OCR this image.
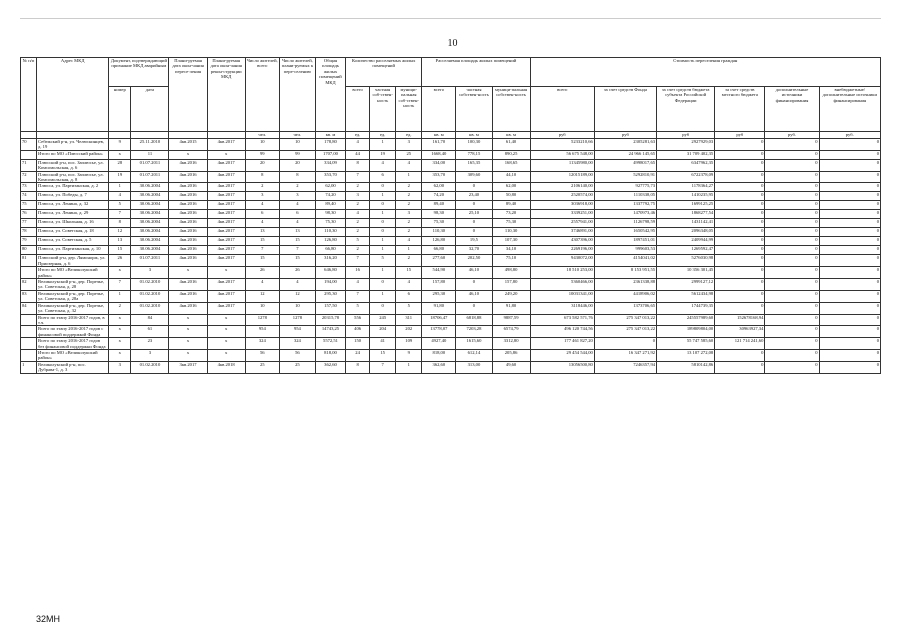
10
№ п/п	Адрес МКД	Документ, подтверждающий признание МКД аварийным		Плани-руемая дата окон-чания пересе-ления	Плани-руемая дата окон-чания рекон-струкции МКД	Число жителей, всего	Число жителей, плани-руемых к пере-селению	Общая площадь жилых помещений МКД	Количество расселяемых жилых помещений			Расселяемая площадь жилых помещений			Стоимость переселения граждан					
		номер	дата						всего	частная соб-ствен-ность	муници-пальная соб-ствен-ность	всего	частная собствен-ность	муници-пальная собствен-ность	всего	за счет средств Фонда	за счет средств бюджета субъекта Российской Федерации	за счет средств местного бюджета	дополнительные источники финансирования	внебюджетные/ дополнительные источники финансирования
						чел.	чел.	кв. м	ед.	ед.	ед.	кв. м	кв. м	кв. м	руб	руб	руб	руб	руб.	руб.
70	Себежский р-н, ул. Челюскинцев, д. 19	9	25.11.2010	4кв.2015	4кв.2017	10	10	178,80	4	1	3	161,70	100,30	61,40	5233210,66	2305281,63	2927929,03	0	0	0
	Итого по МО «Плюсский район»	х	11	х	х	99	99	1707,00	44	19	25	1668,40	778,15	890,25	56 675 548,00	24 966 145,65	31 709 402,35	0	0	0
71	Плюсский р-н, пос. Заплюсье, ул. Комсомольская, д. 6	28	01.07.2011	4кв.2016	4кв.2017	20	20	334,09	8	4	4	334,00	165,35	168,65	11345980,00	4998017,65	6347962,35	0	0	0
72	Плюсский р-н, пос. Заплюсье, ул. Комсомольская, д. 8	19	01.07.2011	4кв.2016	4кв.2017	8	8	353,70	7	6	1	353,70	309,60	44,10	12015189,00	5292810,91	6722378,09	0	0	0
73	Плюсса, ул. Партизанская, д. 2	1	30.06.2004	4кв.2016	4кв.2017	2	2	62,00	2	0	2	62,00	0	62,00	2106140,00	927775,73	1178364,27	0	0	0
74	Плюсса, ул. Победы, д. 7	4	30.06.2004	4кв.2016	4кв.2017	3	3	74,20	3	1	2	74,20	23,40	50,80	2520574,00	1110338,05	1410235,95	0	0	0
75	Плюсса, ул. Ленина, д. 32	5	30.06.2004	4кв.2016	4кв.2017	4	4	89,40	2	0	2	89,40	0	89,40	3036918,00	1337792,75	1699125,25	0	0	0
76	Плюсса, ул. Ленина, д. 29	7	30.06.2004	4кв.2016	4кв.2017	6	6	98,30	4	1	3	98,30	25,10	73,20	3339251,00	1470973,46	1868277,54	0	0	0
77	Плюсса, ул. Школьная, д. 16	8	30.06.2004	4кв.2016	4кв.2017	4	4	75,30	2	0	2	75,30	0	75,30	2557941,00	1126798,59	1431142,41	0	0	0
78	Плюсса, ул. Советская, д. 18	12	30.06.2004	4кв.2016	4кв.2017	13	13	110,30	2	0	2	110,30	0	110,30	3746891,00	1650542,95	2096348,05	0	0	0
79	Плюсса, ул. Советская, д. 5	13	30.06.2004	4кв.2016	4кв.2017	15	15	126,80	5	1	4	126,80	19,5	107,30	4307396,00	1897451,01	2409944,99	0	0	0
80	Плюсса, ул. Партизанская, д. 10	15	30.06.2004	4кв.2016	4кв.2017	7	7	66,80	2	1	1	66,80	32,70	34,10	2269196,00	999603,53	1269592,47	0	0	0
81	Плюсский р-н, дер. Лямонорж, ул. Приозерная, д. 6	26	01.07.2011	4кв.2016	4кв.2017	15	15	316,20	7	5	2	277,60	202,50	75,10	9430072,00	4154041,02	5276030,98	0	0	0
	Итого по МО «Великолукский район»	х	3	х	х	26	26	646,80	16	1	15	544,90	46,10	498,80	18 510 253,00	8 153 951,55	10 356 301,45	0	0	0
82	Великолукский р-н, дер. Поречье, ул. Советская, д. 28	7	01.02.2010	4кв.2016	4кв.2017	4	4	194,00	4	0	4	157,80	0	157,80	5360466,00	2361338,88	2999127,12	0	0	0
83	Великолукский р-н, дер. Поречье, ул. Советская, д. 28а	1	01.02.2010	4кв.2016	4кв.2017	12	12	295,30	7	1	6	295,30	46,10	249,20	10031341,00	4418906,02	5612434,98	0	0	0
84	Великолукский р-н, дер. Поречье, ул. Советская, д. 32	2	01.02.2010	4кв.2016	4кв.2017	10	10	157,50	5	0	5	91,80	0	91,80	3118446,00	1373706,65	1744739,35	0	0	0
	Всего по этапу 2016-2017 годов, в т.ч.	х	84	х	х	1278	1278	20315,78	556	245	311	18706,47	6818,88	9887,59	673 582 571,76	275 347 013,22	245557989,60	152678168,94	0	0
	Всего по этапу 2016-2017 годов с финансовой поддержкой Фонда	х	61	х	х	954	954	14743,25	406	204	202	13778,07	7203,28	6574,79	496 120 744,56	275 347 013,22	189809804,00	30963927,34	0	0
	Всего по этапу 2016-2017 годов без финансовой поддержки Фонда	х	23	х	х	324	324	5572,51	150	41	109	4927,40	1615,60	3312,80	177 461 827,20	0	55 747 585,60	121 714 241,60	0	0
	Итого по МО «Великолукский район»	х	3	х	х	56	56	818,00	24	15	9	818,00	612,14	205,86	29 454 544,00	16 347 271,92	13 107 272,08	0	0	0
1	Великолукский р-н, пос. Дубрава-1, д. 3	3	01.02.2010	3кв.2017	4кв.2018	25	25	362,60	8	7	1	362,60	313,00	49,60	13056500,80	7246357,94	5810142,86	0	0	0
32МН
